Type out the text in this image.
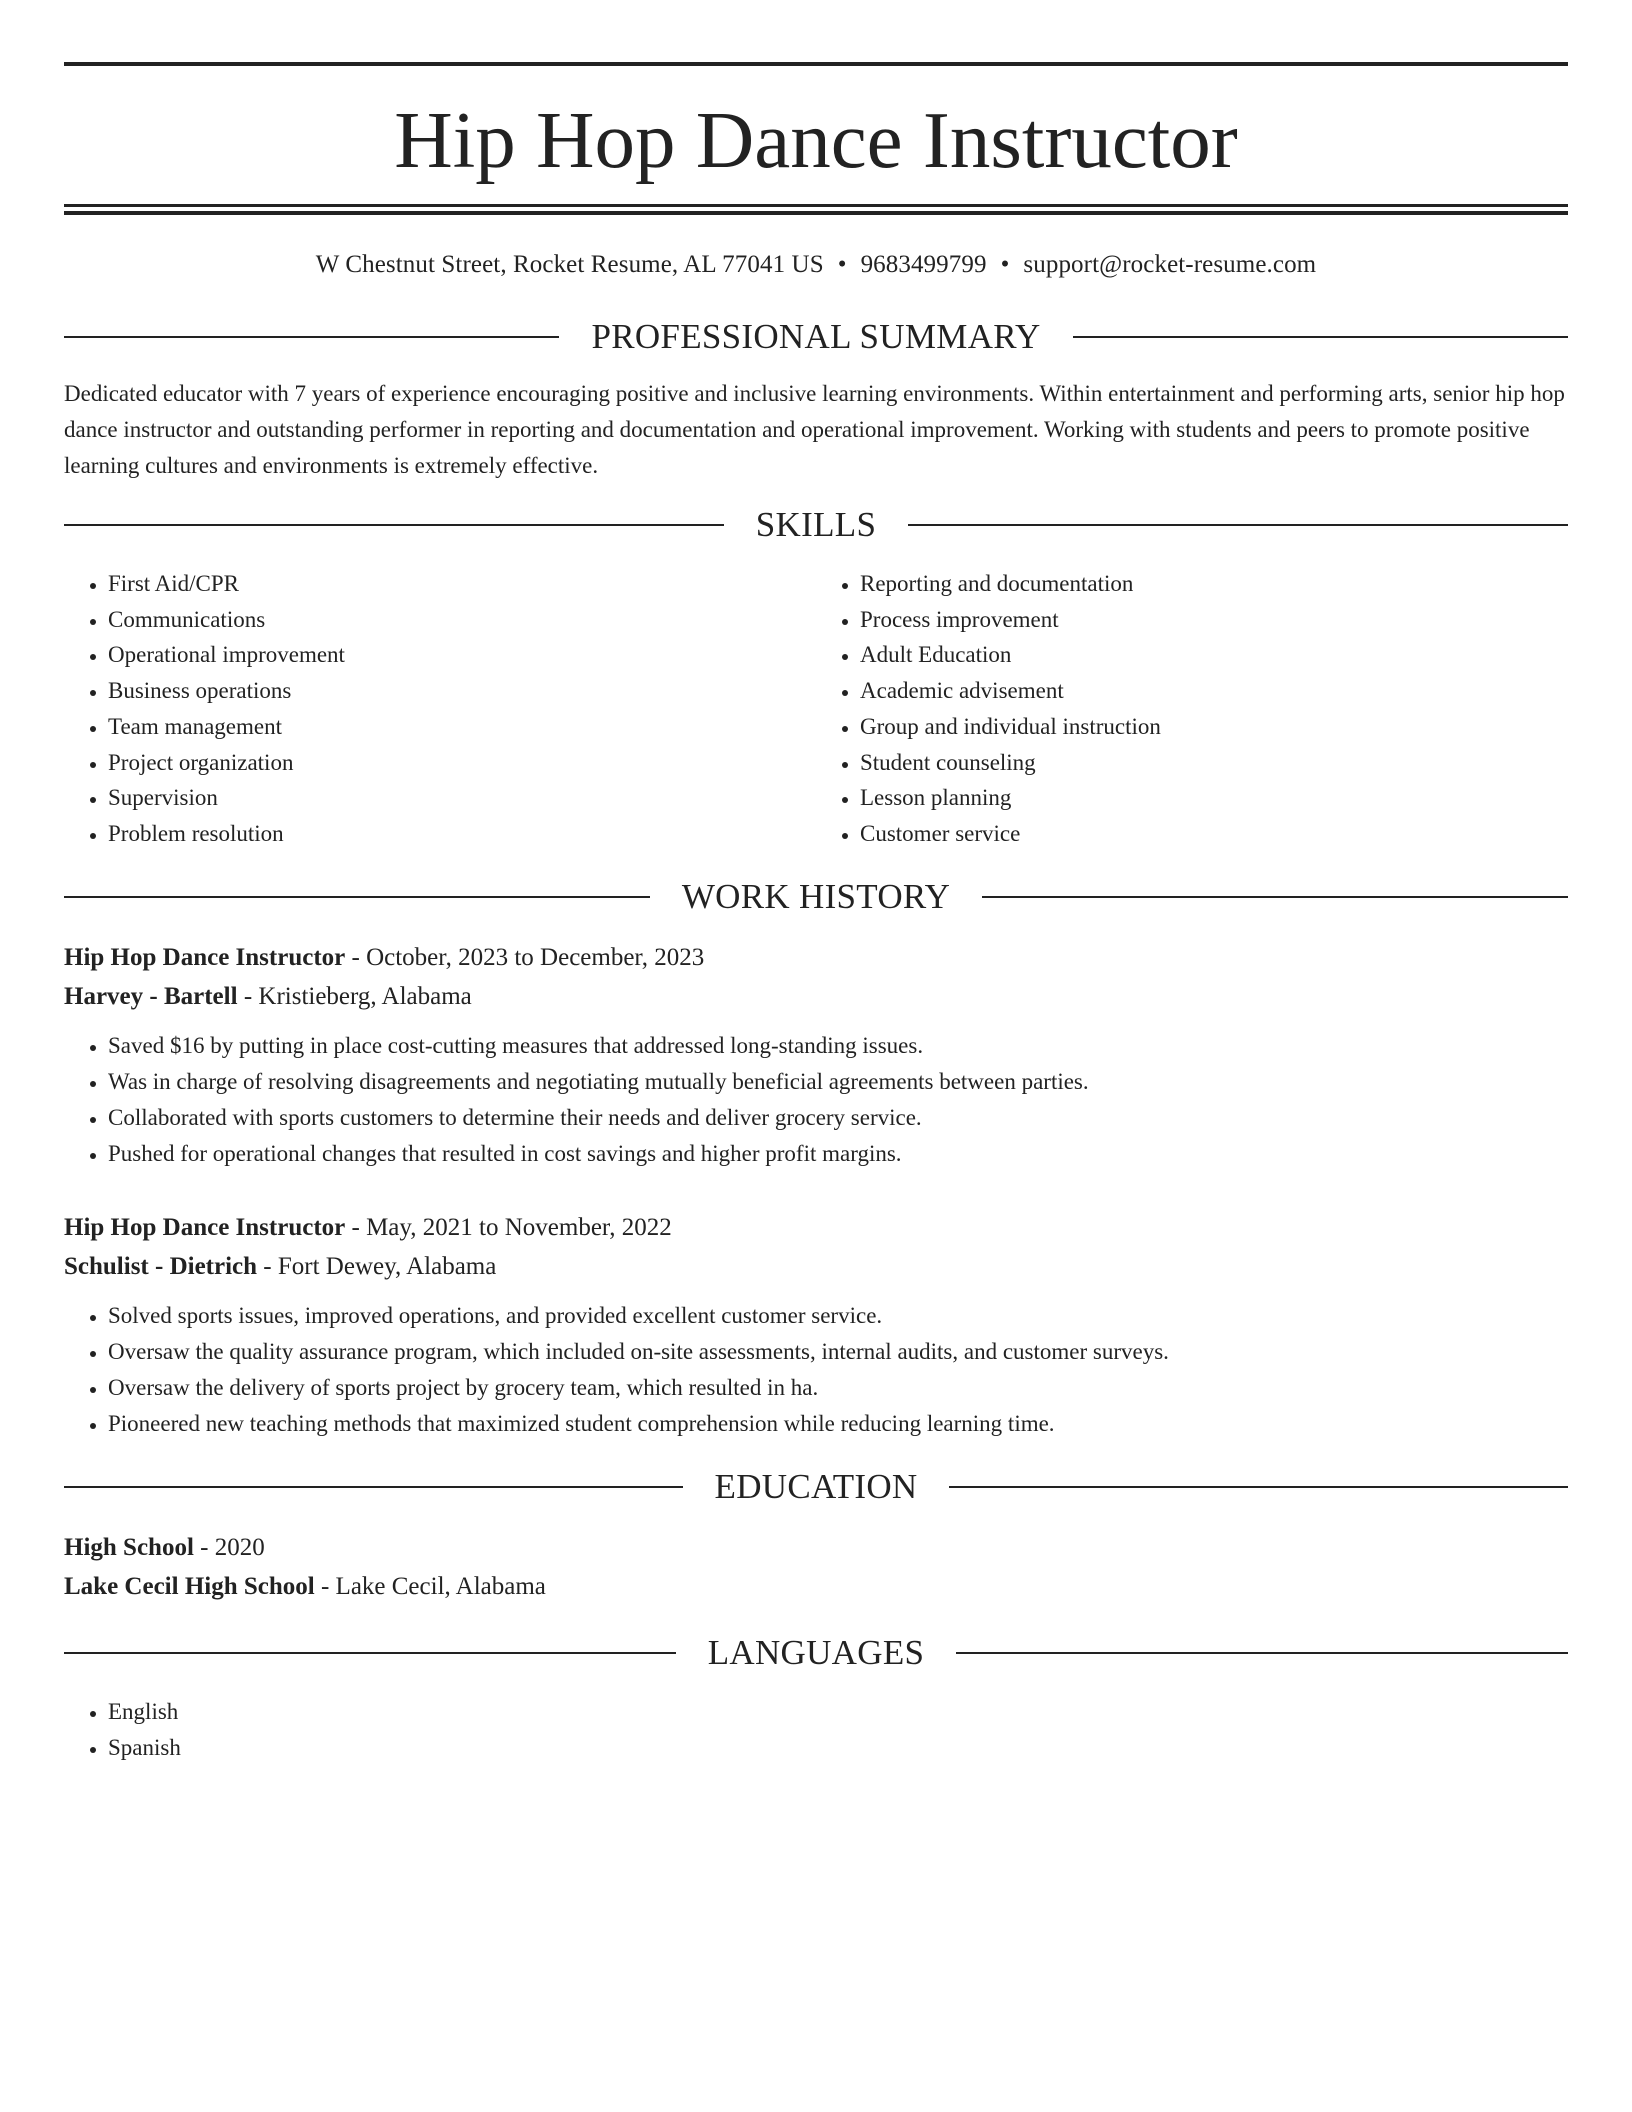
Hip Hop Dance Instructor
W Chestnut Street, Rocket Resume, AL 77041 US • 9683499799 • support@rocket-resume.com
PROFESSIONAL SUMMARY
Dedicated educator with 7 years of experience encouraging positive and inclusive learning environments. Within entertainment and performing arts, senior hip hop dance instructor and outstanding performer in reporting and documentation and operational improvement. Working with students and peers to promote positive learning cultures and environments is extremely effective.
SKILLS
• First Aid/CPR
• Communications
• Operational improvement
• Business operations
• Team management
• Project organization
• Supervision
• Problem resolution
• Reporting and documentation
• Process improvement
• Adult Education
• Academic advisement
• Group and individual instruction
• Student counseling
• Lesson planning
• Customer service
WORK HISTORY
Hip Hop Dance Instructor - October, 2023 to December, 2023
Harvey - Bartell - Kristieberg, Alabama
• Saved $16 by putting in place cost-cutting measures that addressed long-standing issues.
• Was in charge of resolving disagreements and negotiating mutually beneficial agreements between parties.
• Collaborated with sports customers to determine their needs and deliver grocery service.
• Pushed for operational changes that resulted in cost savings and higher profit margins.
Hip Hop Dance Instructor - May, 2021 to November, 2022
Schulist - Dietrich - Fort Dewey, Alabama
• Solved sports issues, improved operations, and provided excellent customer service.
• Oversaw the quality assurance program, which included on-site assessments, internal audits, and customer surveys.
• Oversaw the delivery of sports project by grocery team, which resulted in ha.
• Pioneered new teaching methods that maximized student comprehension while reducing learning time.
EDUCATION
High School - 2020
Lake Cecil High School - Lake Cecil, Alabama
LANGUAGES
• English
• Spanish
